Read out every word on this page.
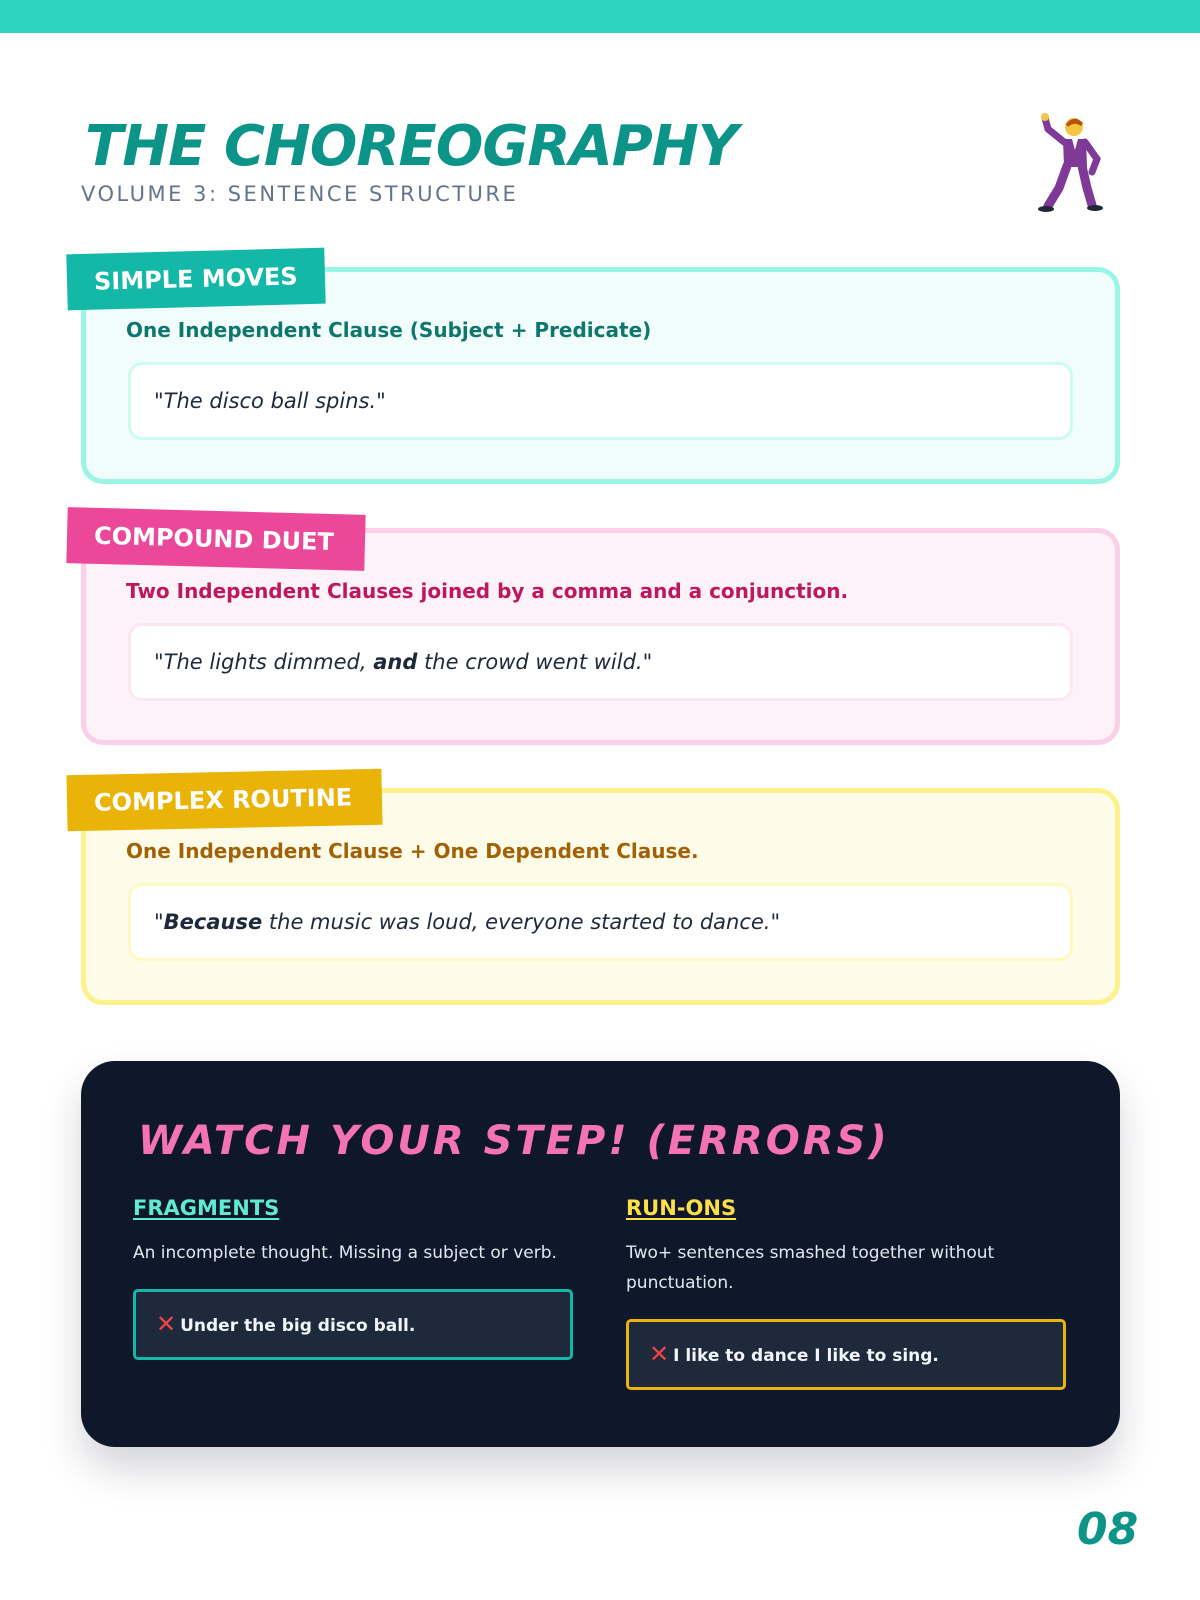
THE CHOREOGRAPHY
VOLUME 3: SENTENCE STRUCTURE
One Independent Clause (Subject + Predicate)
"The disco ball spins."
SIMPLE MOVES
Two Independent Clauses joined by a comma and a conjunction.
"The lights dimmed, and the crowd went wild."
COMPOUND DUET
One Independent Clause + One Dependent Clause.
"Because the music was loud, everyone started to dance."
COMPLEX ROUTINE
WATCH YOUR STEP! (ERRORS)
FRAGMENTS
An incomplete thought. Missing a subject or verb.
✕ Under the big disco ball.
RUN-ONS
Two+ sentences smashed together without punctuation.
✕ I like to dance I like to sing.
08
